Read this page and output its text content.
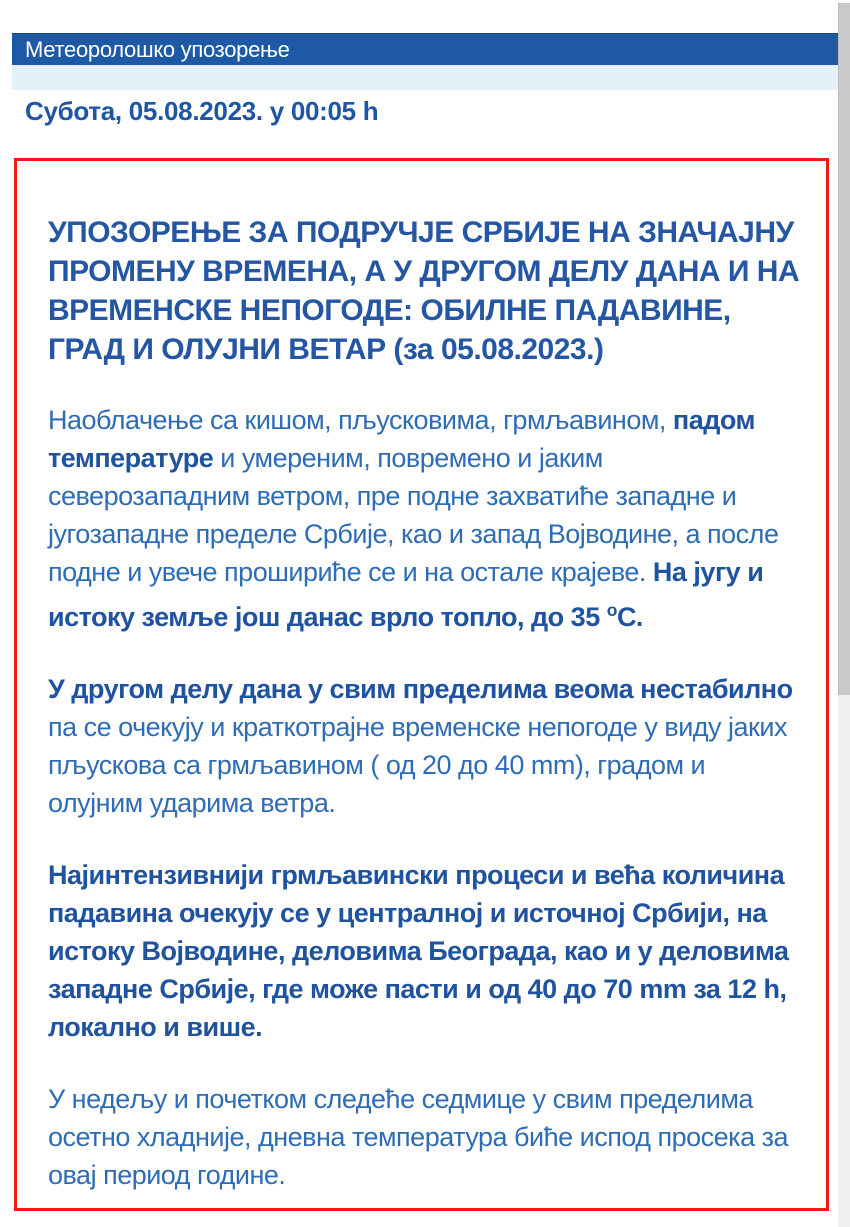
Метеоролошко упозорење
Субота, 05.08.2023. у 00:05 h
УПОЗОРЕЊЕ ЗА ПОДРУЧЈЕ СРБИЈЕ НА ЗНАЧАЈНУ ПРОМЕНУ ВРЕМЕНА, А У ДРУГОМ ДЕЛУ ДАНА И НА ВРЕМЕНСКЕ НЕПОГОДЕ: ОБИЛНЕ ПАДАВИНЕ, ГРАД И ОЛУЈНИ ВЕТАР (за 05.08.2023.)

Наоблачење са кишом, пљусковима, грмљавином, падом температуре и умереним, повремено и јаким северозападним ветром, пре подне захватиће западне и југозападне пределе Србије, као и запад Војводине, а после подне и увече прошириће се и на остале крајеве. На југу и истоку земље још данас врло топло, до 35 $^o$C.

У другом делу дана у свим пределима веома нестабилно па се очекују и краткотрајне временске непогоде у виду јаких пљускова са грмљавином ( од 20 до 40 mm), градом и олујним ударима ветра.

Најинтензивнији грмљавински процеси и већа количина падавина очекују се у централној и источној Србији, на истоку Војводине, деловима Београда, као и у деловима западне Србије, где може пасти и од 40 до 70 mm за 12 h, локално и више.

У недељу и почетком следеће седмице у свим пределима осетно хладније, дневна температура биће испод просека за овај период године.
